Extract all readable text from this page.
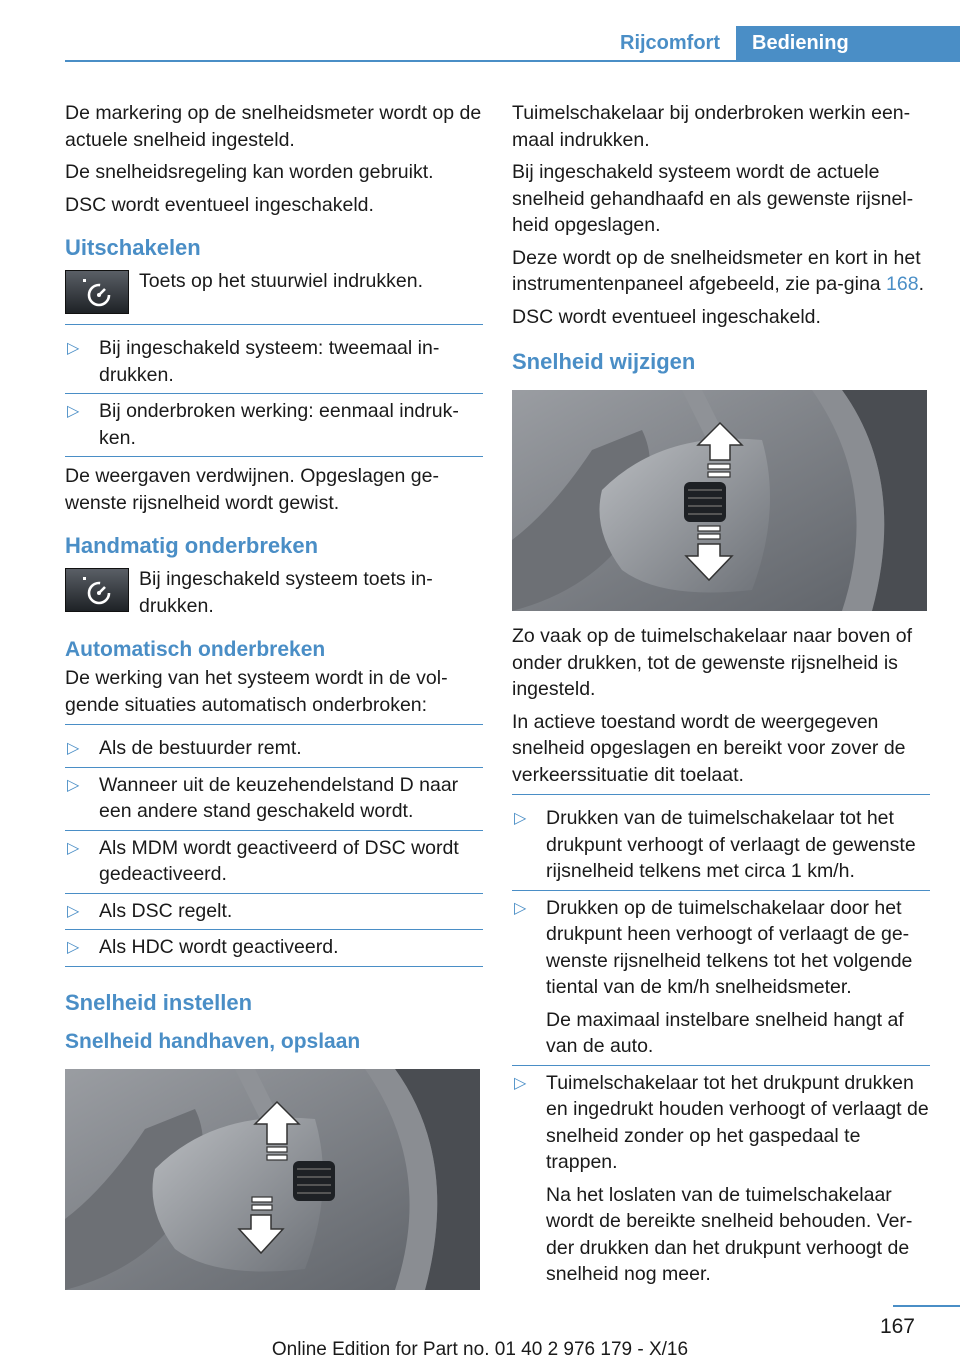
Rijcomfort	Bediening

De markering op de snelheidsmeter wordt op de actuele snelheid ingesteld.

De snelheidsregeling kan worden gebruikt.

DSC wordt eventueel ingeschakeld.

Uitschakelen
Toets op het stuurwiel indrukken.
▷ Bij ingeschakeld systeem: tweemaal in-drukken.
▷ Bij onderbroken werking: eenmaal indruk-ken.

De weergaven verdwijnen. Opgeslagen ge-wenste rijsnelheid wordt gewist.

Handmatig onderbreken
Bij ingeschakeld systeem toets in-drukken.
Automatisch onderbreken

De werking van het systeem wordt in de vol-gende situaties automatisch onderbroken:

▷ Als de bestuurder remt.
▷ Wanneer uit de keuzehendelstand D naar een andere stand geschakeld wordt.
▷ Als MDM wordt geactiveerd of DSC wordt gedeactiveerd.
▷ Als DSC regelt.
▷ Als HDC wordt geactiveerd.
Snelheid instellen
Snelheid handhaven, opslaan

Tuimelschakelaar bij onderbroken werkin een-maal indrukken.

Bij ingeschakeld systeem wordt de actuele snelheid gehandhaafd en als gewenste rijsnel-heid opgeslagen.

Deze wordt op de snelheidsmeter en kort in het instrumentenpaneel afgebeeld, zie pa-gina 168.

DSC wordt eventueel ingeschakeld.

Snelheid wijzigen

Zo vaak op de tuimelschakelaar naar boven of onder drukken, tot de gewenste rijsnelheid is ingesteld.

In actieve toestand wordt de weergegeven snelheid opgeslagen en bereikt voor zover de verkeerssituatie dit toelaat.

▷ Drukken van de tuimelschakelaar tot het drukpunt verhoogt of verlaagt de gewenste rijsnelheid telkens met circa 1 km/h.
▷ Drukken op de tuimelschakelaar door het drukpunt heen verhoogt of verlaagt de ge-wenste rijsnelheid telkens tot het volgende tiental van de km/h snelheidsmeter.
De maximaal instelbare snelheid hangt af van de auto.
▷ Tuimelschakelaar tot het drukpunt drukken en ingedrukt houden verhoogt of verlaagt de snelheid zonder op het gaspedaal te trappen.
Na het loslaten van de tuimelschakelaar wordt de bereikte snelheid behouden. Ver-der drukken dan het drukpunt verhoogt de snelheid nog meer.
167
Online Edition for Part no. 01 40 2 976 179 - X/16
